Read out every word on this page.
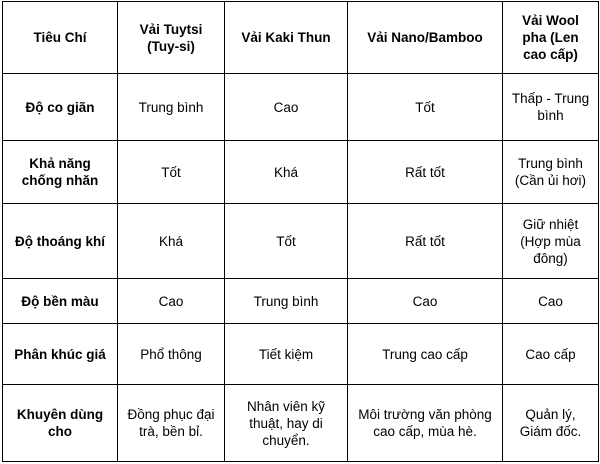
Tiêu Chí	Vải Tuytsi (Tuy-si)	Vải Kaki Thun	Vải Nano/Bamboo	Vải Wool pha (Len cao cấp)
Độ co giãn	Trung bình	Cao	Tốt	Thấp - Trung bình
Khả năng chống nhăn	Tốt	Khá	Rất tốt	Trung bình (Cần ủi hơi)
Độ thoáng khí	Khá	Tốt	Rất tốt	Giữ nhiệt (Hợp mùa đông)
Độ bền màu	Cao	Trung bình	Cao	Cao
Phân khúc giá	Phổ thông	Tiết kiệm	Trung cao cấp	Cao cấp
Khuyên dùng cho	Đồng phục đại trà, bền bỉ.	Nhân viên kỹ thuật, hay di chuyển.	Môi trường văn phòng cao cấp, mùa hè.	Quản lý, Giám đốc.
